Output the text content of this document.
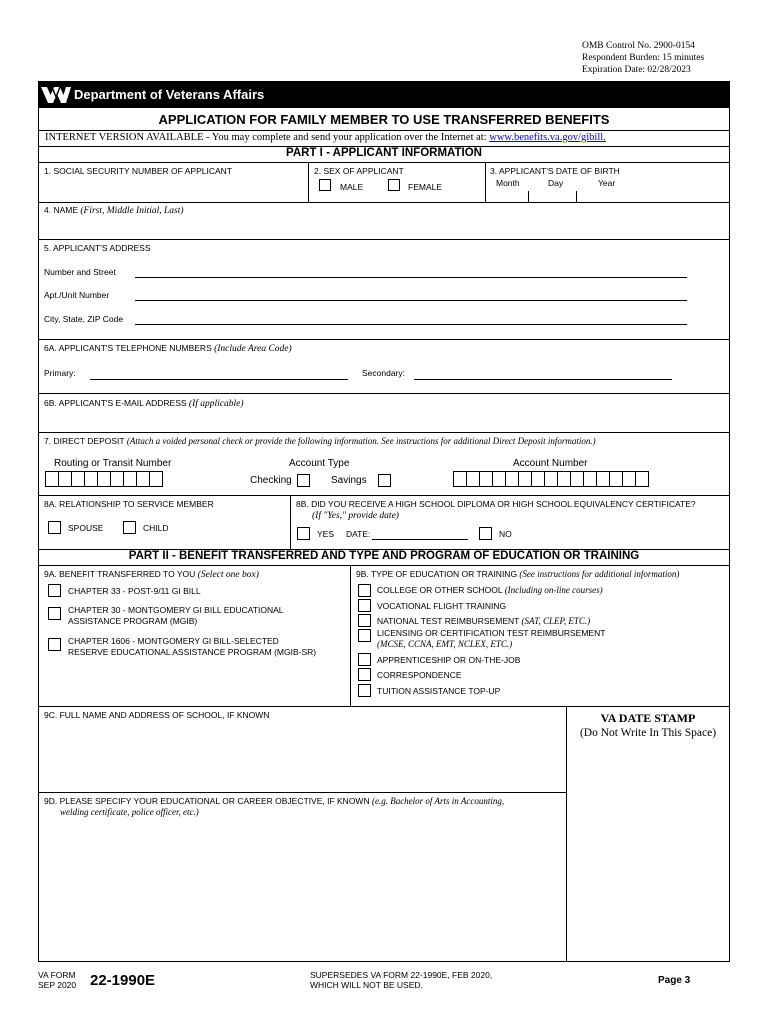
OMB Control No. 2900-0154
Respondent Burden: 15 minutes
Expiration Date: 02/28/2023
Department of Veterans Affairs
APPLICATION FOR FAMILY MEMBER TO USE TRANSFERRED BENEFITS
INTERNET VERSION AVAILABLE - You may complete and send your application over the Internet at: www.benefits.va.gov/gibill.
PART I - APPLICANT INFORMATION
1. SOCIAL SECURITY NUMBER OF APPLICANT	2. SEX OF APPLICANT
MALE	FEMALE
3. APPLICANT'S DATE OF BIRTH
Month	Day	Year
4. NAME (First, Middle Initial, Last)
5. APPLICANT'S ADDRESS
Number and Street
Apt./Unit Number
City, State, ZIP Code
6A. APPLICANT'S TELEPHONE NUMBERS (Include Area Code)
Primary:	Secondary:
6B. APPLICANT'S E-MAIL ADDRESS (If applicable)
7. DIRECT DEPOSIT (Attach a voided personal check or provide the following information. See instructions for additional Direct Deposit information.)
Routing or Transit Number	Account Type
Checking	Savings
Account Number
8A. RELATIONSHIP TO SERVICE MEMBER
SPOUSE	CHILD
8B. DID YOU RECEIVE A HIGH SCHOOL DIPLOMA OR HIGH SCHOOL EQUIVALENCY CERTIFICATE?
(If "Yes," provide date)
YES DATE:	NO
PART II - BENEFIT TRANSFERRED AND TYPE AND PROGRAM OF EDUCATION OR TRAINING
9A. BENEFIT TRANSFERRED TO YOU (Select one box)
CHAPTER 33 - POST-9/11 GI BILL
CHAPTER 30 - MONTGOMERY GI BILL EDUCATIONAL
ASSISTANCE PROGRAM (MGIB)
CHAPTER 1606 - MONTGOMERY GI BILL-SELECTED
RESERVE EDUCATIONAL ASSISTANCE PROGRAM (MGIB-SR)
9B. TYPE OF EDUCATION OR TRAINING (See instructions for additional information)
COLLEGE OR OTHER SCHOOL (Including on-line courses)
VOCATIONAL FLIGHT TRAINING
NATIONAL TEST REIMBURSEMENT (SAT, CLEP, ETC.)
LICENSING OR CERTIFICATION TEST REIMBURSEMENT
(MCSE, CCNA, EMT, NCLEX, ETC.)
APPRENTICESHIP OR ON-THE-JOB
CORRESPONDENCE
TUITION ASSISTANCE TOP-UP
9C. FULL NAME AND ADDRESS OF SCHOOL, IF KNOWN	VA DATE STAMP
(Do Not Write In This Space)
9D. PLEASE SPECIFY YOUR EDUCATIONAL OR CAREER OBJECTIVE, IF KNOWN (e.g. Bachelor of Arts in Accounting,
welding certificate, police officer, etc.)
VA FORM
SEP 2020 22-1990E	SUPERSEDES VA FORM 22-1990E, FEB 2020,
WHICH WILL NOT BE USED.	Page 3
